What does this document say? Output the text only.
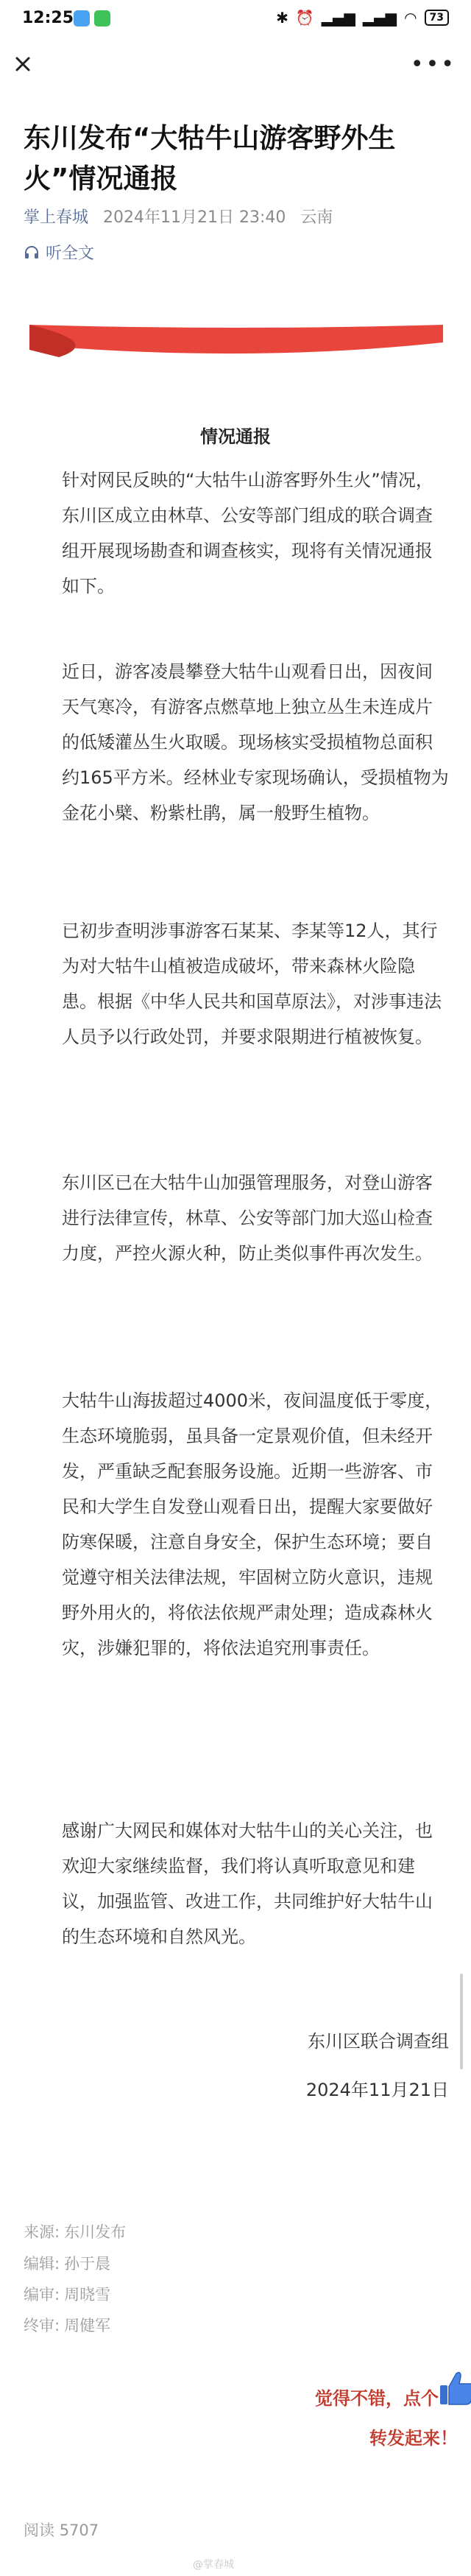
12:25	✱ ⏰ ▂▄▆ ▂▄▆ ◠	73
•••
东川发布“大牯牛山游客野外生火”情况通报
掌上春城 2024年11月21日 23:40 云南
听全文
情况通报

针对网民反映的“大牯牛山游客野外生火”情况，东川区成立由林草、公安等部门组成的联合调查组开展现场勘查和调查核实，现将有关情况通报如下。

近日，游客凌晨攀登大牯牛山观看日出，因夜间天气寒冷，有游客点燃草地上独立丛生未连成片的低矮灌丛生火取暖。现场核实受损植物总面积约165平方米。经林业专家现场确认，受损植物为金花小檗、粉紫杜鹃，属一般野生植物。

已初步查明涉事游客石某某、李某等12人，其行为对大牯牛山植被造成破坏，带来森林火险隐患。根据《中华人民共和国草原法》，对涉事违法人员予以行政处罚，并要求限期进行植被恢复。

东川区已在大牯牛山加强管理服务，对登山游客进行法律宣传，林草、公安等部门加大巡山检查力度，严控火源火种，防止类似事件再次发生。

大牯牛山海拔超过4000米，夜间温度低于零度，生态环境脆弱，虽具备一定景观价值，但未经开发，严重缺乏配套服务设施。近期一些游客、市民和大学生自发登山观看日出，提醒大家要做好防寒保暖，注意自身安全，保护生态环境；要自觉遵守相关法律法规，牢固树立防火意识，违规野外用火的，将依法依规严肃处理；造成森林火灾，涉嫌犯罪的，将依法追究刑事责任。

感谢广大网民和媒体对大牯牛山的关心关注，也欢迎大家继续监督，我们将认真听取意见和建议，加强监管、改进工作，共同维护好大牯牛山的生态环境和自然风光。

东川区联合调查组
2024年11月21日
来源: 东川发布
编辑: 孙于晨
编审: 周晓雪
终审: 周健军
觉得不错，点个
转发起来！
阅读 5707
@掌春城
